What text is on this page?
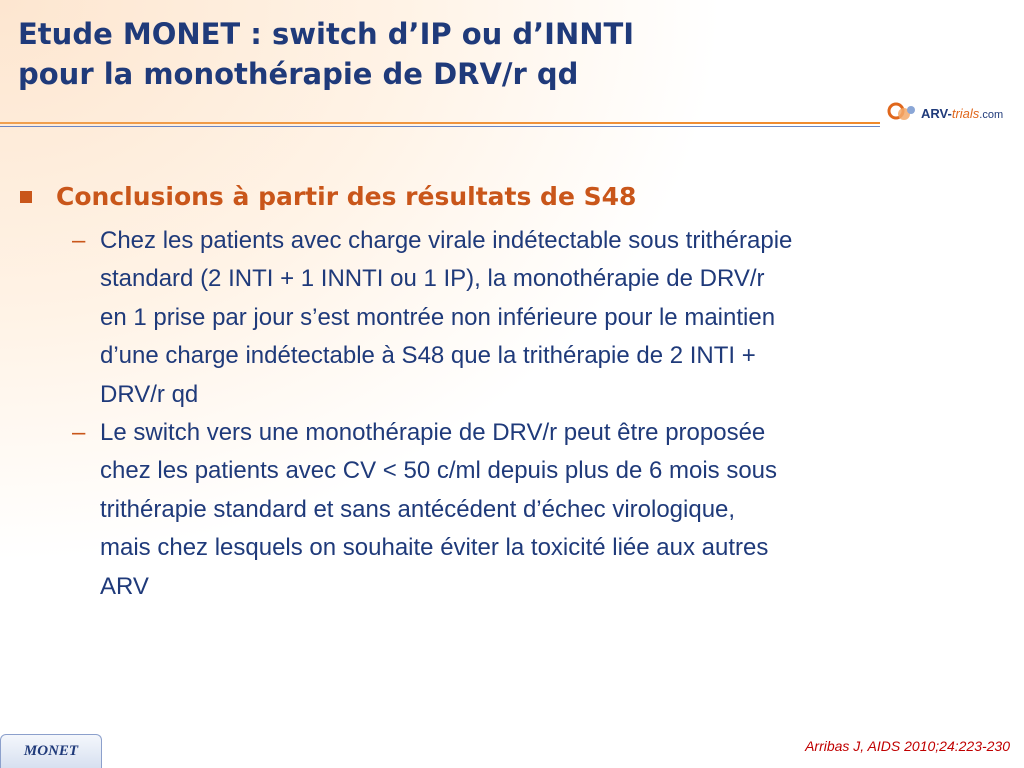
Etude MONET : switch d’IP ou d’INNTI
pour la monothérapie de DRV/r qd
ARV-trials.com
Conclusions à partir des résultats de S48
– Chez les patients avec charge virale indétectable sous trithérapie
standard (2 INTI + 1 INNTI ou 1 IP), la monothérapie de DRV/r
en 1 prise par jour s’est montrée non inférieure pour le maintien
d’une charge indétectable à S48 que la trithérapie de 2 INTI +
DRV/r qd
– Le switch vers une monothérapie de DRV/r peut être proposée
chez les patients avec CV < 50 c/ml depuis plus de 6 mois sous
trithérapie standard et sans antécédent d’échec virologique,
mais chez lesquels on souhaite éviter la toxicité liée aux autres
ARV
MONET	Arribas J, AIDS 2010;24:223-230
